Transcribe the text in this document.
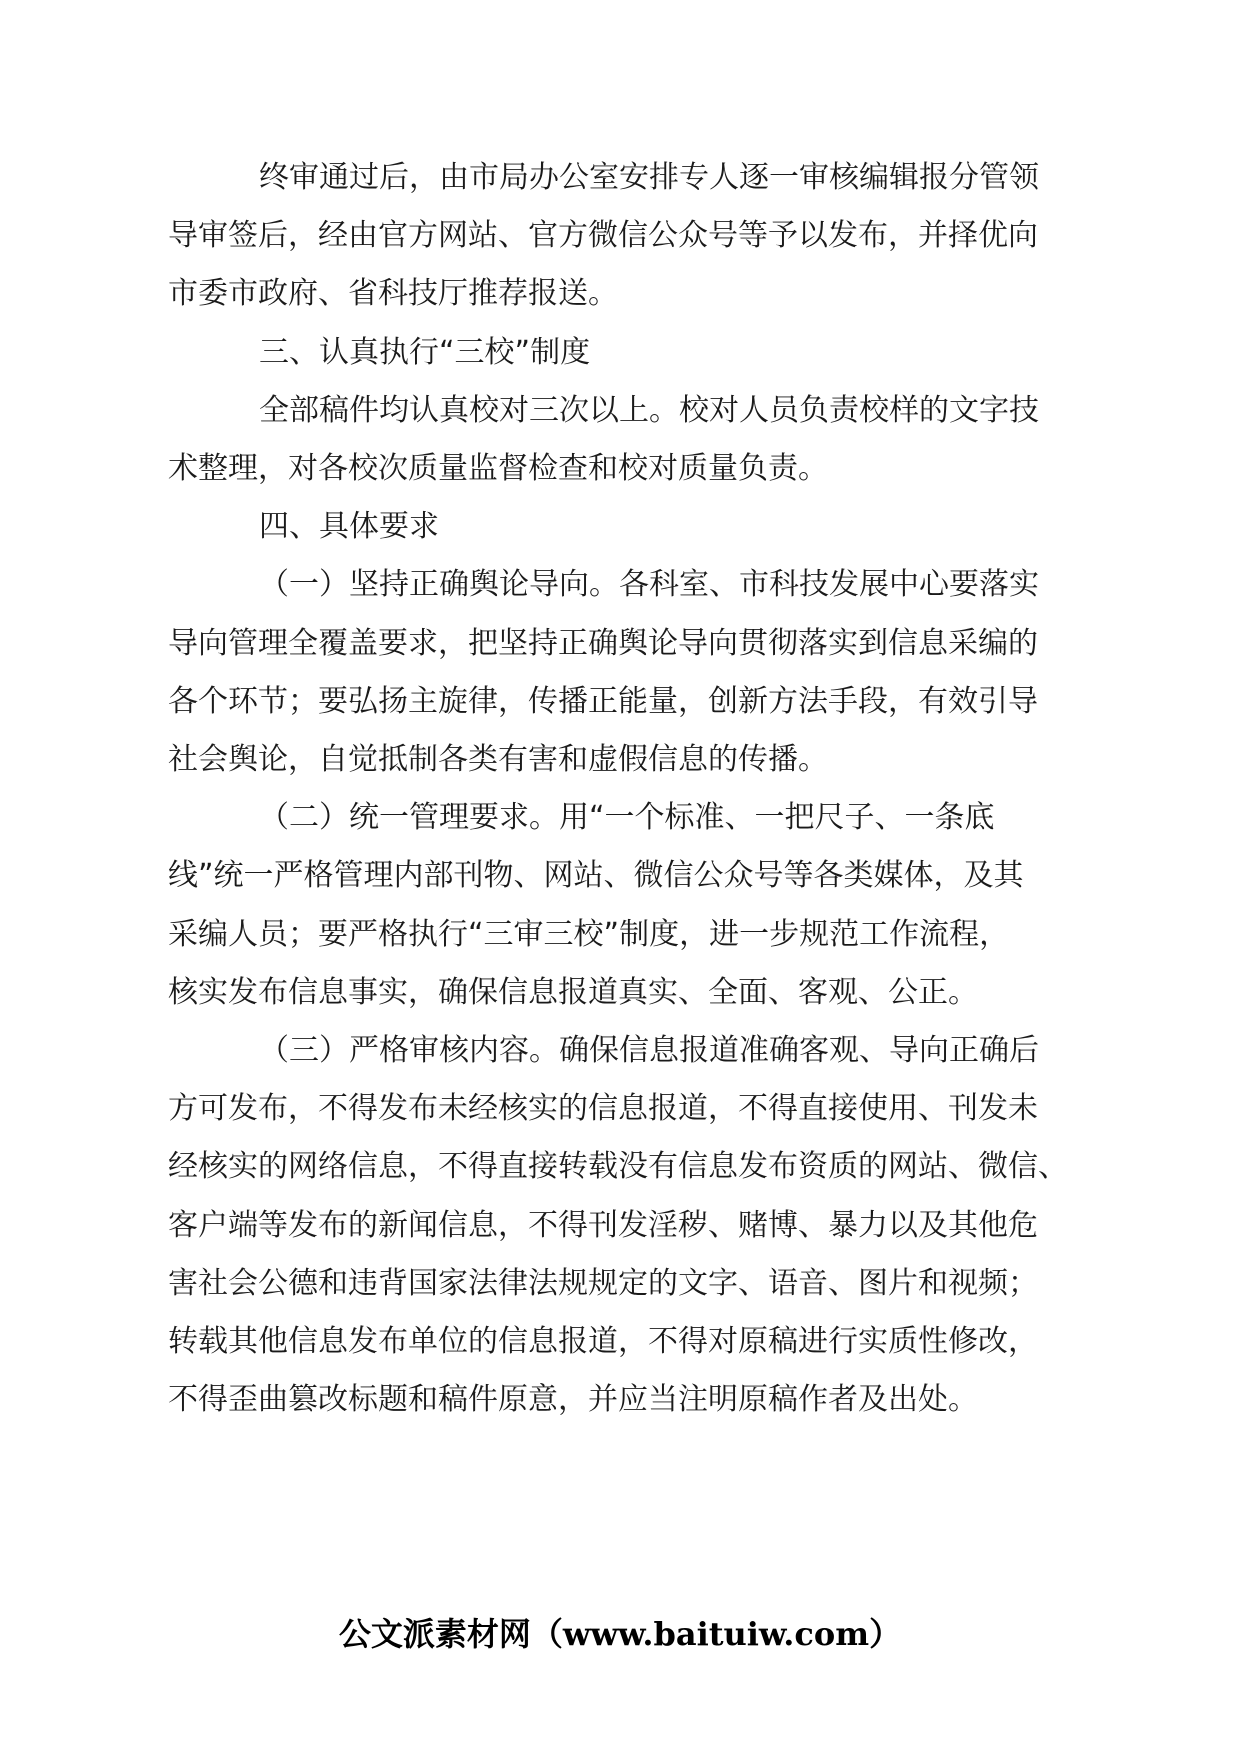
终审通过后，由市局办公室安排专人逐一审核编辑报分管领
导审签后，经由官方网站、官方微信公众号等予以发布，并择优向
市委市政府、省科技厅推荐报送。
三、认真执行“三校”制度
全部稿件均认真校对三次以上。校对人员负责校样的文字技
术整理，对各校次质量监督检查和校对质量负责。
四、具体要求
（一）坚持正确舆论导向。各科室、市科技发展中心要落实
导向管理全覆盖要求，把坚持正确舆论导向贯彻落实到信息采编的
各个环节；要弘扬主旋律，传播正能量，创新方法手段，有效引导
社会舆论，自觉抵制各类有害和虚假信息的传播。
（二）统一管理要求。用“一个标准、一把尺子、一条底
线”统一严格管理内部刊物、网站、微信公众号等各类媒体，及其
采编人员；要严格执行“三审三校”制度，进一步规范工作流程，
核实发布信息事实，确保信息报道真实、全面、客观、公正。
（三）严格审核内容。确保信息报道准确客观、导向正确后
方可发布，不得发布未经核实的信息报道，不得直接使用、刊发未
经核实的网络信息，不得直接转载没有信息发布资质的网站、微信、
客户端等发布的新闻信息，不得刊发淫秽、赌博、暴力以及其他危
害社会公德和违背国家法律法规规定的文字、语音、图片和视频；
转载其他信息发布单位的信息报道，不得对原稿进行实质性修改，
不得歪曲篡改标题和稿件原意，并应当注明原稿作者及出处。
公文派素材网（www.baituiw.com）
